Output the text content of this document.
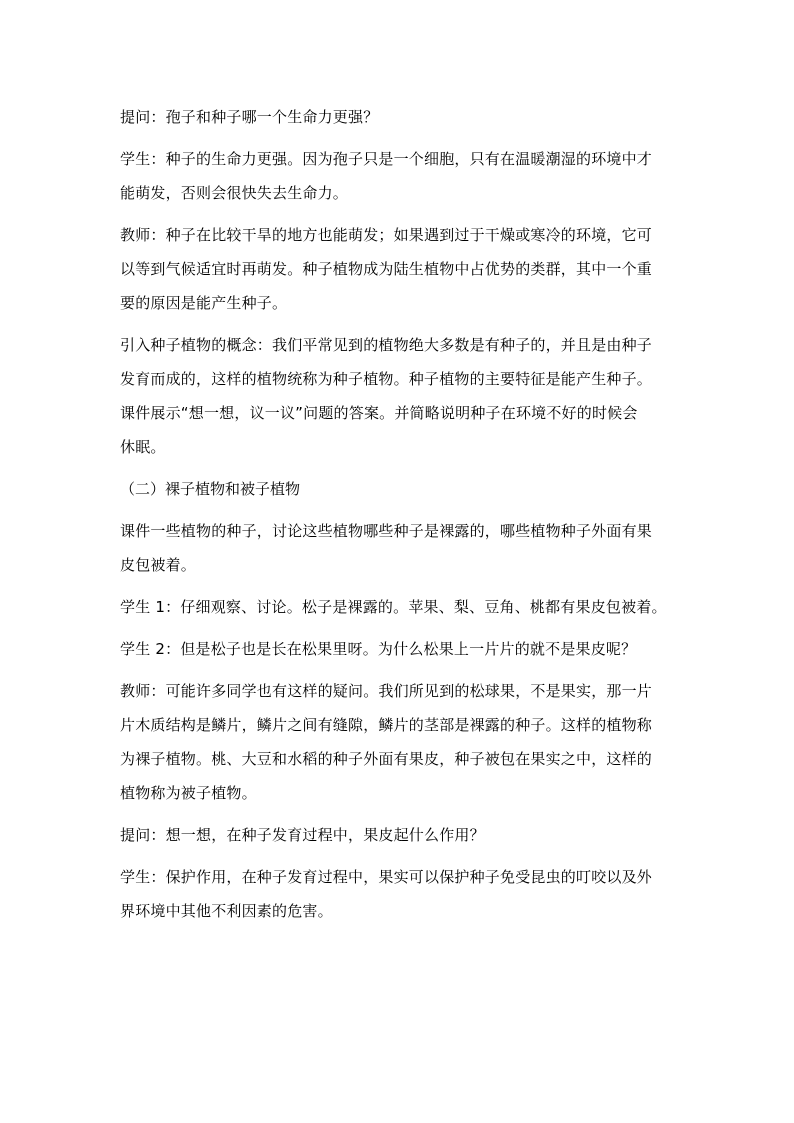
提问：孢子和种子哪一个生命力更强？

学生：种子的生命力更强。因为孢子只是一个细胞，只有在温暖潮湿的环境中才
能萌发，否则会很快失去生命力。

教师：种子在比较干旱的地方也能萌发；如果遇到过于干燥或寒冷的环境，它可
以等到气候适宜时再萌发。种子植物成为陆生植物中占优势的类群，其中一个重
要的原因是能产生种子。

引入种子植物的概念：我们平常见到的植物绝大多数是有种子的，并且是由种子
发育而成的，这样的植物统称为种子植物。种子植物的主要特征是能产生种子。
课件展示“想一想，议一议”问题的答案。并简略说明种子在环境不好的时候会
休眠。

（二）裸子植物和被子植物

课件一些植物的种子，讨论这些植物哪些种子是裸露的，哪些植物种子外面有果
皮包被着。

学生 1：仔细观察、讨论。松子是裸露的。苹果、梨、豆角、桃都有果皮包被着。

学生 2：但是松子也是长在松果里呀。为什么松果上一片片的就不是果皮呢？

教师：可能许多同学也有这样的疑问。我们所见到的松球果，不是果实，那一片
片木质结构是鳞片，鳞片之间有缝隙，鳞片的茎部是裸露的种子。这样的植物称
为裸子植物。桃、大豆和水稻的种子外面有果皮，种子被包在果实之中，这样的
植物称为被子植物。

提问：想一想，在种子发育过程中，果皮起什么作用？

学生：保护作用，在种子发育过程中，果实可以保护种子免受昆虫的叮咬以及外
界环境中其他不利因素的危害。
